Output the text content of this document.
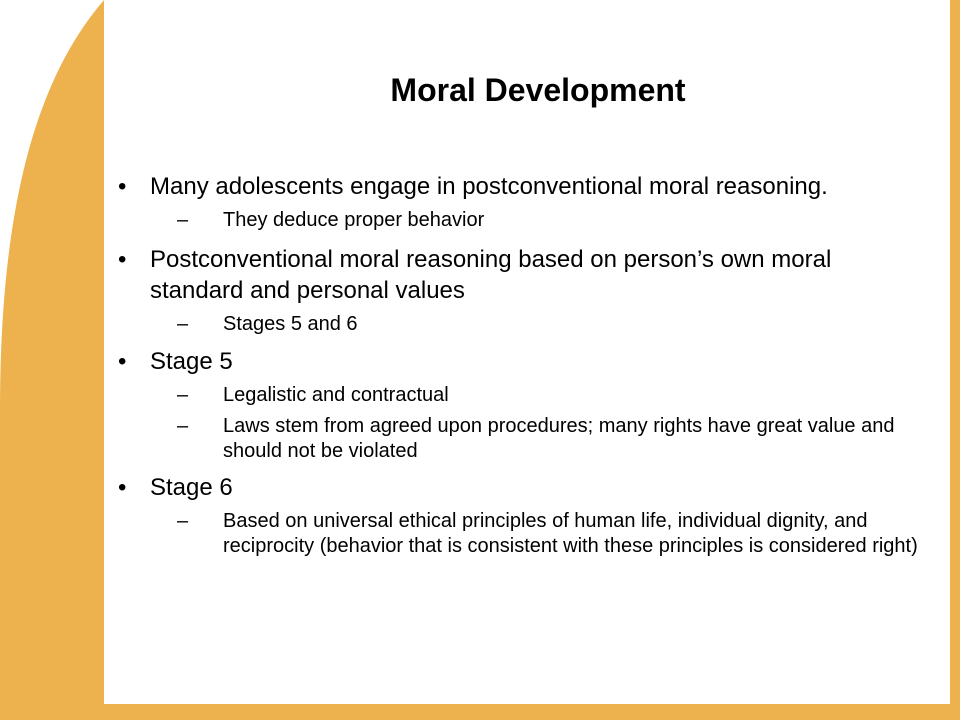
Moral Development
• Many adolescents engage in postconventional moral reasoning.
– They deduce proper behavior
• Postconventional moral reasoning based on person’s own moral standard and personal values
– Stages 5 and 6
• Stage 5
– Legalistic and contractual
– Laws stem from agreed upon procedures; many rights have great value and should not be violated
• Stage 6
– Based on universal ethical principles of human life, individual dignity, and reciprocity (behavior that is consistent with these principles is considered right)
